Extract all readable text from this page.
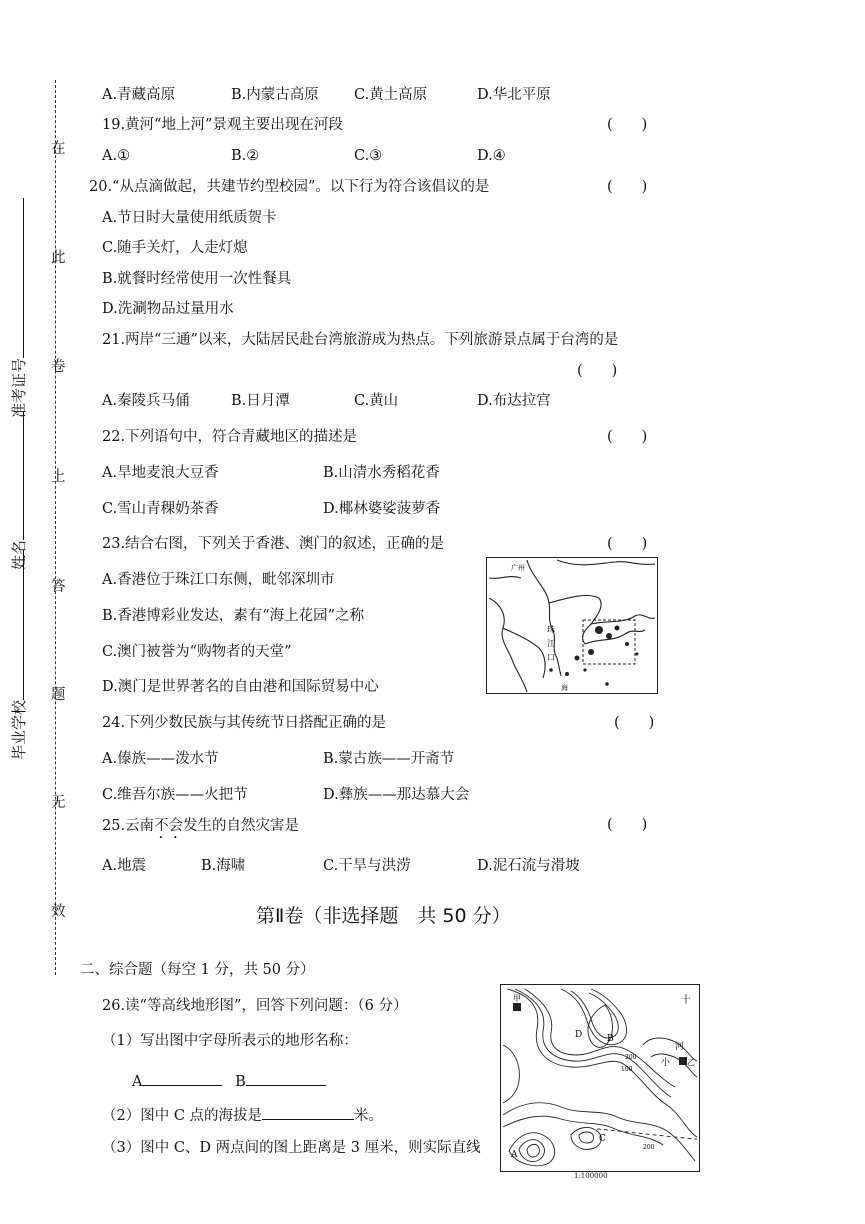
在
此
卷
上
答
题
无
效
准考证号
姓名
毕业学校
A.青藏高原	B.内蒙古高原 C.黄土高原	D.华北平原
19.黄河“地上河”景观主要出现在河段	(　　)
A.①	B.②	C.③	D.④
20.“从点滴做起，共建节约型校园”。以下行为符合该倡议的是	(　　)
A.节日时大量使用纸质贺卡
C.随手关灯，人走灯熄
B.就餐时经常使用一次性餐具
D.洗涮物品过量用水
21.两岸“三通”以来，大陆居民赴台湾旅游成为热点。下列旅游景点属于台湾的是
(　　)
A.秦陵兵马俑	B.日月潭	C.黄山	D.布达拉宫
22.下列语句中，符合青藏地区的描述是	(　　)
A.旱地麦浪大豆香	B.山清水秀稻花香
C.雪山青稞奶茶香	D.椰林婆娑菠萝香
23.结合右图，下列关于香港、澳门的叙述，正确的是	(　　)
A.香港位于珠江口东侧，毗邻深圳市
B.香港博彩业发达，素有“海上花园”之称
C.澳门被誉为“购物者的天堂”
D.澳门是世界著名的自由港和国际贸易中心
广州
珠
江
口
海
24.下列少数民族与其传统节日搭配正确的是	(　　)
A.傣族——泼水节	B.蒙古族——开斋节
C.维吾尔族——火把节	D.彝族——那达慕大会
25.云南不会发生的自然灾害是	(　　)
A.地震	B.海啸	C.干旱与洪涝	D.泥石流与滑坡
第Ⅱ卷（非选择题　共 50 分）
二、综合题（每空 1 分，共 50 分）
26.读“等高线地形图”，回答下列问题：（6 分）
（1）写出图中字母所表示的地形名称：
A	B
（2）图中 C 点的海拔是	米。
（3）图中 C、D 两点间的图上距离是 3 厘米，则实际直线
甲
乙
河
小
十
A
B
C
D
200
100
200
1:100000
